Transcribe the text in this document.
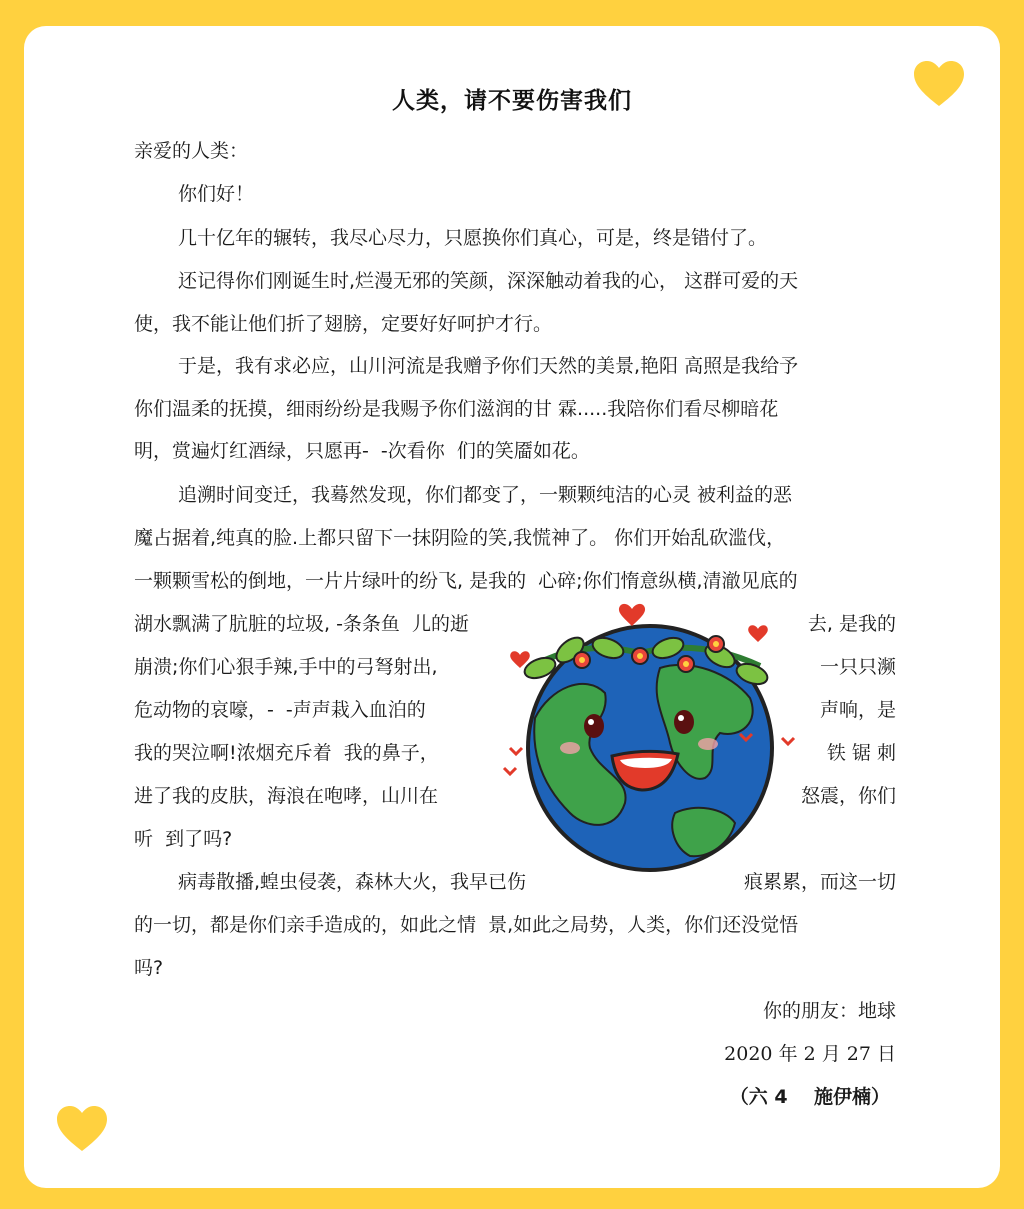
人类，请不要伤害我们
亲爱的人类：
你们好！
几十亿年的辗转，我尽心尽力，只愿换你们真心，可是，终是错付了。
还记得你们刚诞生时,烂漫无邪的笑颜，深深触动着我的心， 这群可爱的天
使，我不能让他们折了翅膀，定要好好呵护才行。
于是，我有求必应，山川河流是我赠予你们天然的美景,艳阳 高照是我给予
你们温柔的抚摸，细雨纷纷是我赐予你们滋润的甘 霖.....我陪你们看尽柳暗花
明，赏遍灯红酒绿，只愿再-  -次看你  们的笑靥如花。
追溯时间变迁，我蓦然发现，你们都变了，一颗颗纯洁的心灵 被利益的恶
魔占据着,纯真的脸.上都只留下一抹阴险的笑,我慌神了。 你们开始乱砍滥伐，
一颗颗雪松的倒地，一片片绿叶的纷飞, 是我的  心碎;你们惰意纵横,清澈见底的
湖水飘满了肮脏的垃圾, -条条鱼  儿的逝
崩溃;你们心狠手辣,手中的弓弩射出,
危动物的哀嚎，-  -声声栽入血泊的
我的哭泣啊!浓烟充斥着  我的鼻子，
进了我的皮肤，海浪在咆哮，山川在
听  到了吗?
病毒散播,蝗虫侵袭，森林大火，我早已伤
的一切，都是你们亲手造成的，如此之情  景,如此之局势，人类，你们还没觉悟
吗?
去, 是我的
一只只濒
声响，是
铁 锯 刺
怒震，你们
痕累累，而这一切
你的朋友：地球
2020 年 2 月 27 日
（六 4    施伊楠）
